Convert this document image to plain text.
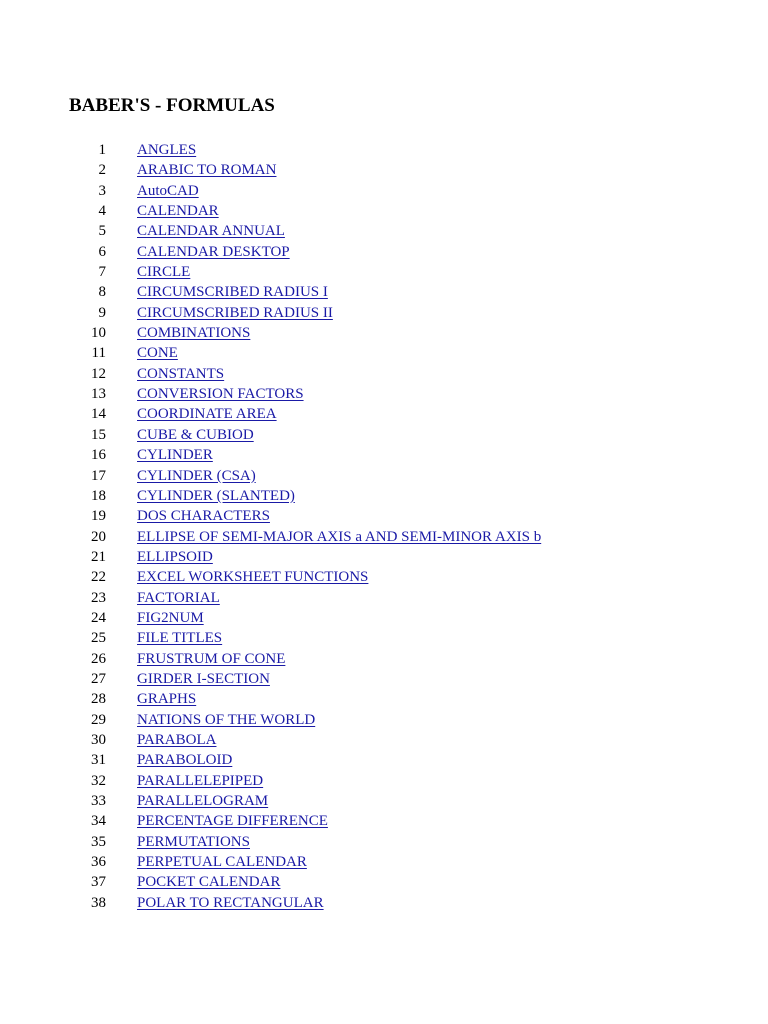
BABER'S - FORMULAS
1 ANGLES
2 ARABIC TO ROMAN
3 AutoCAD
4 CALENDAR
5 CALENDAR ANNUAL
6 CALENDAR DESKTOP
7 CIRCLE
8 CIRCUMSCRIBED RADIUS I
9 CIRCUMSCRIBED RADIUS II
10 COMBINATIONS
11 CONE
12 CONSTANTS
13 CONVERSION FACTORS
14 COORDINATE AREA
15 CUBE & CUBIOD
16 CYLINDER
17 CYLINDER (CSA)
18 CYLINDER (SLANTED)
19 DOS CHARACTERS
20 ELLIPSE OF SEMI-MAJOR AXIS a AND SEMI-MINOR AXIS b
21 ELLIPSOID
22 EXCEL WORKSHEET FUNCTIONS
23 FACTORIAL
24 FIG2NUM
25 FILE TITLES
26 FRUSTRUM OF CONE
27 GIRDER I-SECTION
28 GRAPHS
29 NATIONS OF THE WORLD
30 PARABOLA
31 PARABOLOID
32 PARALLELEPIPED
33 PARALLELOGRAM
34 PERCENTAGE DIFFERENCE
35 PERMUTATIONS
36 PERPETUAL CALENDAR
37 POCKET CALENDAR
38 POLAR TO RECTANGULAR
